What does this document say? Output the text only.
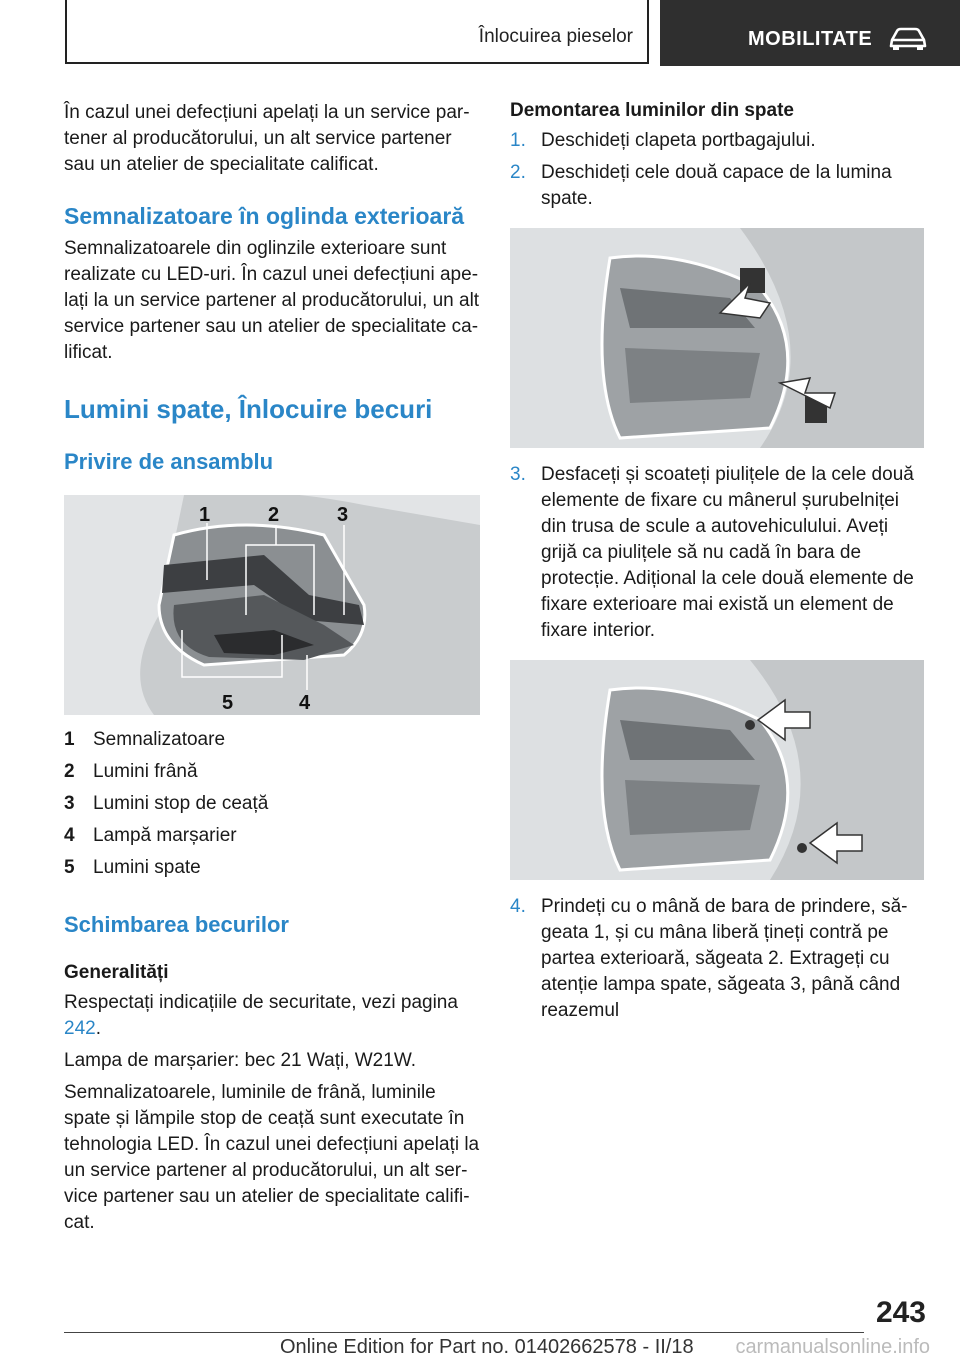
Înlocuirea pieselor	MOBILITATE

În cazul unei defecțiuni apelați la un service partener al producătorului, un alt service partener sau un atelier de specialitate calificat.

Semnalizatoare în oglinda exterioară

Semnalizatoarele din oglinzile exterioare sunt realizate cu LED-uri. În cazul unei defecțiuni apelați la un service partener al producătorului, un alt service partener sau un atelier de specialitate calificat.

Lumini spate, Înlocuire becuri
Privire de ansamblu
1	2	3
4
5
1 Semnalizatoare
2 Lumini frână
3 Lumini stop de ceață
4 Lampă marșarier
5 Lumini spate
Schimbarea becurilor
Generalități

Respectați indicațiile de securitate, vezi pagina 242.

Lampa de marșarier: bec 21 Wați, W21W.

Semnalizatoarele, luminile de frână, luminile spate și lămpile stop de ceață sunt executate în tehnologia LED. În cazul unei defecțiuni apelați la un service partener al producătorului, un alt service partener sau un atelier de specialitate calificat.

Demontarea luminilor din spate
1. Deschideți clapeta portbagajului.
2. Deschideți cele două capace de la lumina spate.
3. Desfaceți și scoateți piulițele de la cele două elemente de fixare cu mânerul șurubelniței din trusa de scule a autovehiculului. Aveți grijă ca piulițele să nu cadă în bara de protecție. Adițional la cele două elemente de fixare exterioare mai există un element de fixare interior.
4. Prindeți cu o mână de bara de prindere, săgeata 1, și cu mâna liberă țineți contră pe partea exterioară, săgeata 2. Extrageți cu atenție lampa spate, săgeata 3, până când reazemul
243
Online Edition for Part no. 01402662578 - II/18 carmanualsonline.info
